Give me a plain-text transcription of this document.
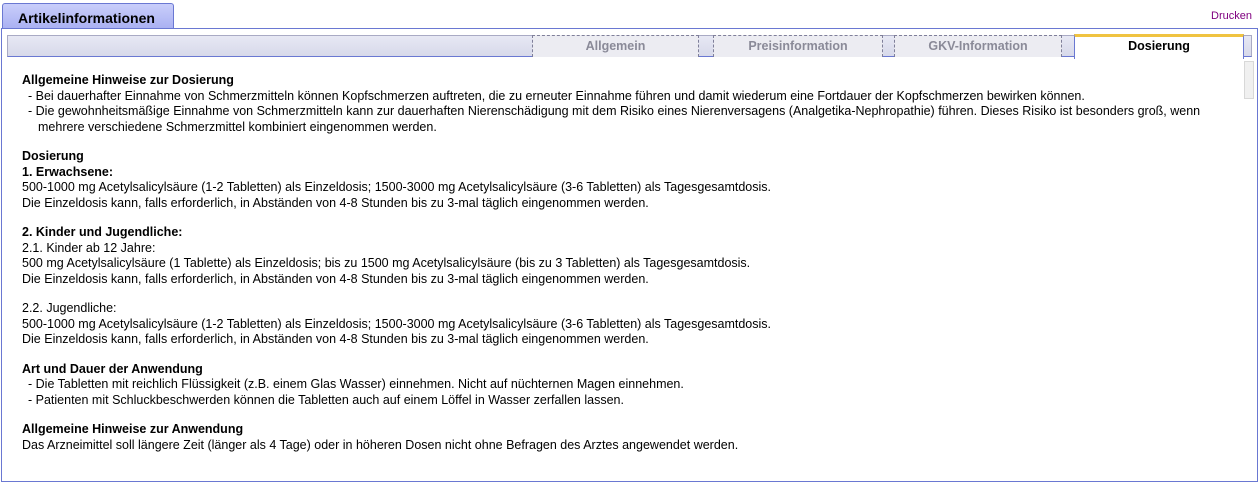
Artikelinformationen	Drucken
Allgemein	Preisinformation	GKV-Information	Dosierung
Allgemeine Hinweise zur Dosierung
- Bei dauerhafter Einnahme von Schmerzmitteln können Kopfschmerzen auftreten, die zu erneuter Einnahme führen und damit wiederum eine Fortdauer der Kopfschmerzen bewirken können.
- Die gewohnheitsmäßige Einnahme von Schmerzmitteln kann zur dauerhaften Nierenschädigung mit dem Risiko eines Nierenversagens (Analgetika-Nephropathie) führen. Dieses Risiko ist besonders groß, wenn mehrere verschiedene Schmerzmittel kombiniert eingenommen werden.
Dosierung
1. Erwachsene:
500-1000 mg Acetylsalicylsäure (1-2 Tabletten) als Einzeldosis; 1500-3000 mg Acetylsalicylsäure (3-6 Tabletten) als Tagesgesamtdosis.
Die Einzeldosis kann, falls erforderlich, in Abständen von 4-8 Stunden bis zu 3-mal täglich eingenommen werden.
2. Kinder und Jugendliche:
2.1. Kinder ab 12 Jahre:
500 mg Acetylsalicylsäure (1 Tablette) als Einzeldosis; bis zu 1500 mg Acetylsalicylsäure (bis zu 3 Tabletten) als Tagesgesamtdosis.
Die Einzeldosis kann, falls erforderlich, in Abständen von 4-8 Stunden bis zu 3-mal täglich eingenommen werden.
2.2. Jugendliche:
500-1000 mg Acetylsalicylsäure (1-2 Tabletten) als Einzeldosis; 1500-3000 mg Acetylsalicylsäure (3-6 Tabletten) als Tagesgesamtdosis.
Die Einzeldosis kann, falls erforderlich, in Abständen von 4-8 Stunden bis zu 3-mal täglich eingenommen werden.
Art und Dauer der Anwendung
- Die Tabletten mit reichlich Flüssigkeit (z.B. einem Glas Wasser) einnehmen. Nicht auf nüchternen Magen einnehmen.
- Patienten mit Schluckbeschwerden können die Tabletten auch auf einem Löffel in Wasser zerfallen lassen.
Allgemeine Hinweise zur Anwendung
Das Arzneimittel soll längere Zeit (länger als 4 Tage) oder in höheren Dosen nicht ohne Befragen des Arztes angewendet werden.
